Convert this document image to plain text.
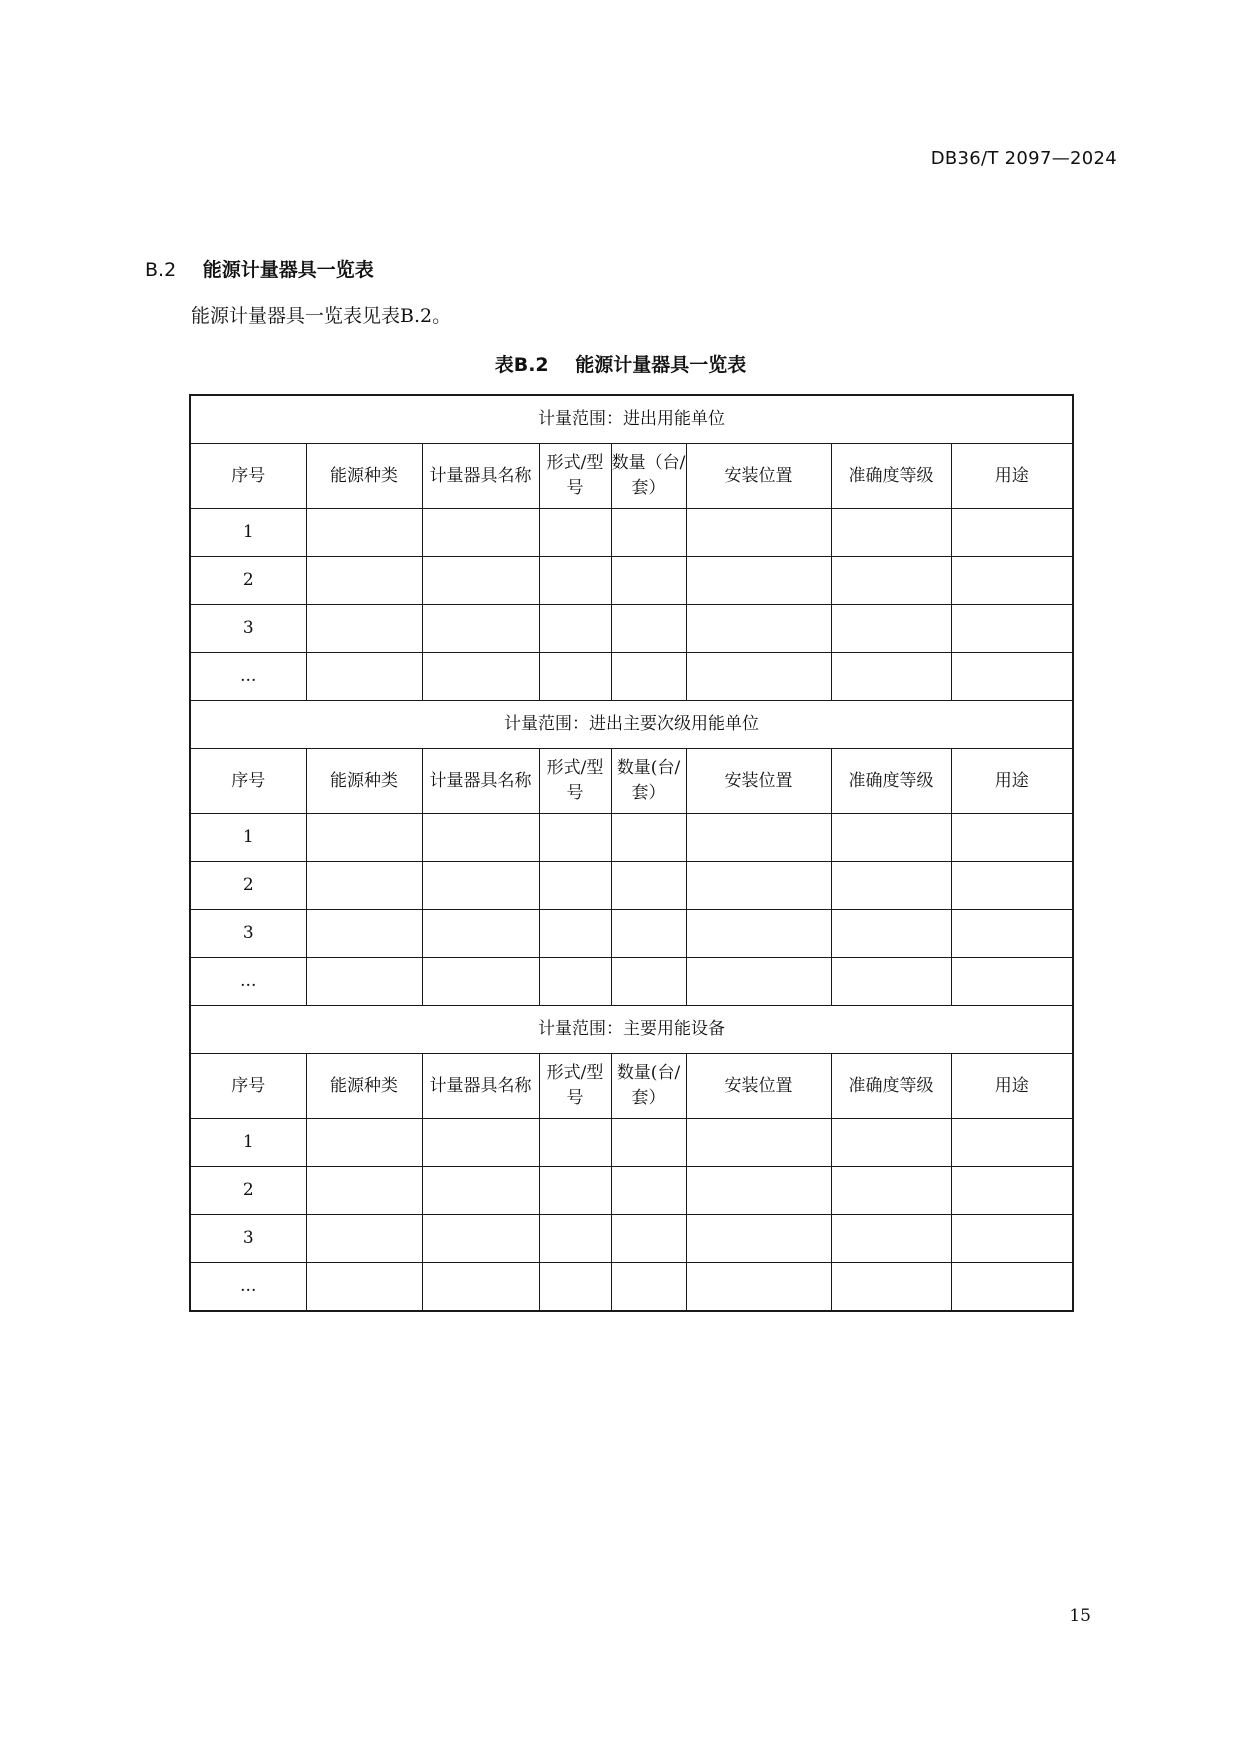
DB36/T 2097—2024
B.2 能源计量器具一览表
能源计量器具一览表见表B.2。
表B.2 能源计量器具一览表
计量范围：进出用能单位							
序号	能源种类	计量器具名称	形式/型号	数量（台/套）	安装位置	准确度等级	用途
1							
2							
3							
...							
计量范围：进出主要次级用能单位							
序号	能源种类	计量器具名称	形式/型号	数量(台/套）	安装位置	准确度等级	用途
1							
2							
3							
...							
计量范围：主要用能设备							
序号	能源种类	计量器具名称	形式/型号	数量(台/套）	安装位置	准确度等级	用途
1							
2							
3							
...							
15
